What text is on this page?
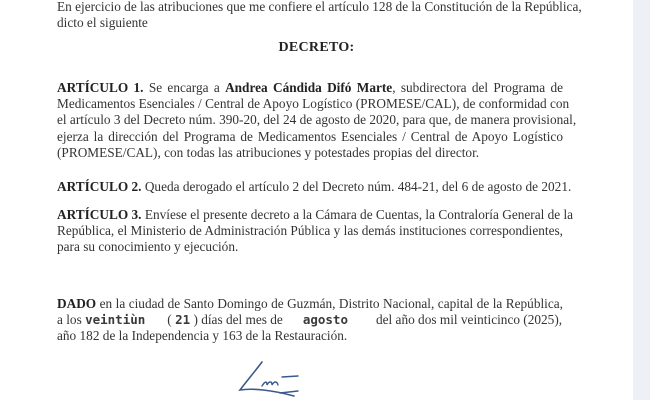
En ejercicio de las atribuciones que me confiere el artículo 128 de la Constitución de la República,
dicto el siguiente
DECRETO:
ARTÍCULO 1. Se encarga a Andrea Cándida Difó Marte, subdirectora del Programa de
Medicamentos Esenciales / Central de Apoyo Logístico (PROMESE/CAL), de conformidad con
el artículo 3 del Decreto núm. 390-20, del 24 de agosto de 2020, para que, de manera provisional,
ejerza la dirección del Programa de Medicamentos Esenciales / Central de Apoyo Logístico
(PROMESE/CAL), con todas las atribuciones y potestades propias del director.
ARTÍCULO 2. Queda derogado el artículo 2 del Decreto núm. 484-21, del 6 de agosto de 2021.
ARTÍCULO 3. Envíese el presente decreto a la Cámara de Cuentas, la Contraloría General de la
República, el Ministerio de Administración Pública y las demás instituciones correspondientes,
para su conocimiento y ejecución.
DADO en la ciudad de Santo Domingo de Guzmán, Distrito Nacional, capital de la República,
a los veintiùn ( 21 ) días del mes de agosto del año dos mil veinticinco (2025),
año 182 de la Independencia y 163 de la Restauración.
